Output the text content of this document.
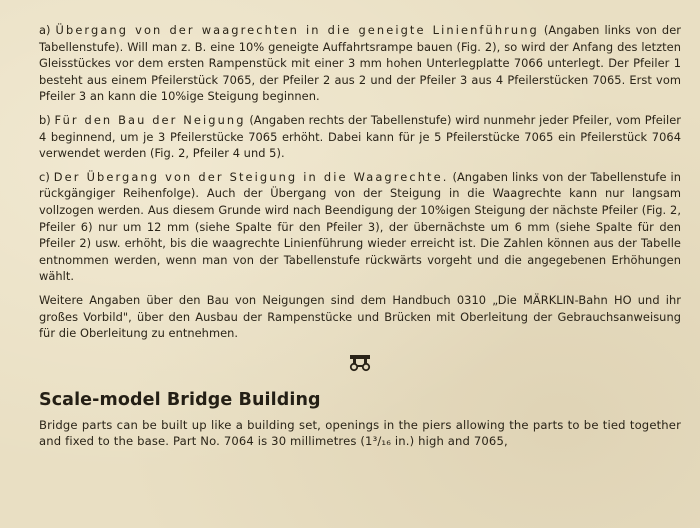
a) Übergang von der waagrechten in die geneigte Linienführung (Angaben links von der Tabellenstufe). Will man z. B. eine 10% geneigte Auffahrtsrampe bauen (Fig. 2), so wird der Anfang des letzten Gleisstückes vor dem ersten Rampenstück mit einer 3 mm hohen Unterlegplatte 7066 unterlegt. Der Pfeiler 1 besteht aus einem Pfeilerstück 7065, der Pfeiler 2 aus 2 und der Pfeiler 3 aus 4 Pfeilerstücken 7065. Erst vom Pfeiler 3 an kann die 10%ige Steigung beginnen.

b) Für den Bau der Neigung (Angaben rechts der Tabellenstufe) wird nunmehr jeder Pfeiler, vom Pfeiler 4 beginnend, um je 3 Pfeilerstücke 7065 erhöht. Dabei kann für je 5 Pfeilerstücke 7065 ein Pfeilerstück 7064 verwendet werden (Fig. 2, Pfeiler 4 und 5).

c) Der Übergang von der Steigung in die Waagrechte. (Angaben links von der Tabellenstufe in rückgängiger Reihenfolge). Auch der Übergang von der Steigung in die Waagrechte kann nur langsam vollzogen werden. Aus diesem Grunde wird nach Beendigung der 10%igen Steigung der nächste Pfeiler (Fig. 2, Pfeiler 6) nur um 12 mm (siehe Spalte für den Pfeiler 3), der übernächste um 6 mm (siehe Spalte für den Pfeiler 2) usw. erhöht, bis die waagrechte Linienführung wieder erreicht ist. Die Zahlen können aus der Tabelle entnommen werden, wenn man von der Tabellenstufe rückwärts vorgeht und die angegebenen Erhöhungen wählt.

Weitere Angaben über den Bau von Neigungen sind dem Handbuch 0310 „Die MÄRKLIN-Bahn HO und ihr großes Vorbild", über den Ausbau der Rampenstücke und Brücken mit Oberleitung der Gebrauchsanweisung für die Oberleitung zu entnehmen.

Scale-model Bridge Building

Bridge parts can be built up like a building set, openings in the piers allowing the parts to be tied together and fixed to the base. Part No. 7064 is 30 millimetres (1³/₁₆ in.) high and 7065,
